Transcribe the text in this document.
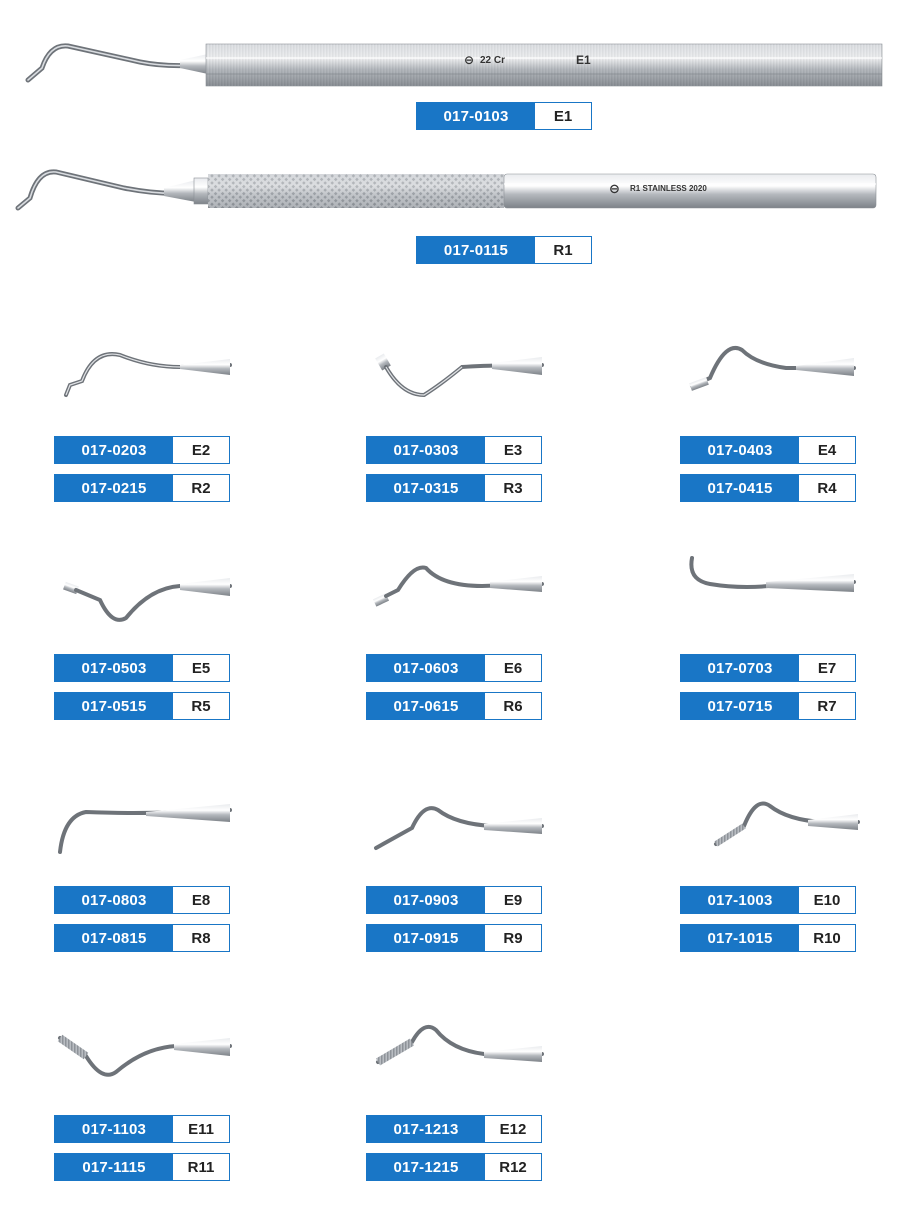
⊖ 22 Cr	E1
017-0103	E1
⊖ R1 STAINLESS 2020
017-0115	R1
017-0203	E2
017-0215	R2
017-0303	E3
017-0315	R3
017-0403	E4
017-0415	R4
017-0503	E5
017-0515	R5
017-0603	E6
017-0615	R6
017-0703	E7
017-0715	R7
017-0803	E8
017-0815	R8
017-0903	E9
017-0915	R9
017-1003	E10
017-1015	R10
017-1103	E11
017-1115	R11
017-1213	E12
017-1215	R12
